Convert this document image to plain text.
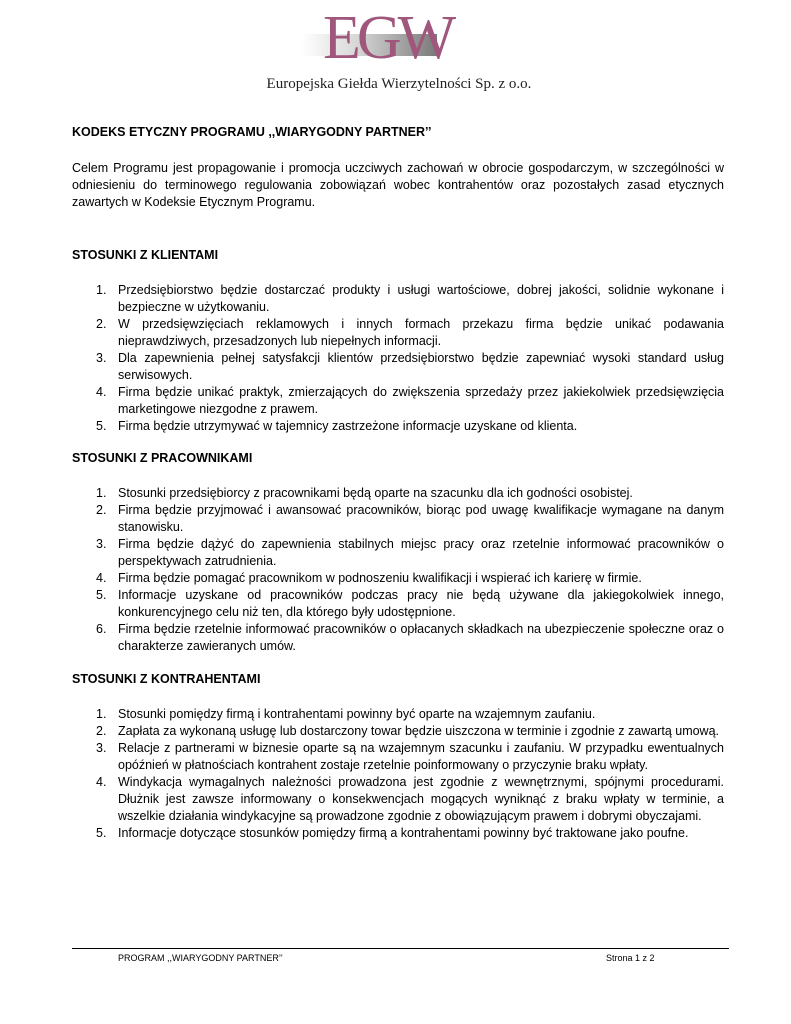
EGW
Europejska Giełda Wierzytelności Sp. z o.o.
KODEKS ETYCZNY PROGRAMU ,,WIARYGODNY PARTNER’’

Celem Programu jest propagowanie i promocja uczciwych zachowań w obrocie gospodarczym, w szczególności w odniesieniu do terminowego regulowania zobowiązań wobec kontrahentów oraz pozostałych zasad etycznych zawartych w Kodeksie Etycznym Programu.

STOSUNKI Z KLIENTAMI
1. Przedsiębiorstwo będzie dostarczać produkty i usługi wartościowe, dobrej jakości, solidnie wykonane i bezpieczne w użytkowaniu.
2. W przedsięwzięciach reklamowych i innych formach przekazu firma będzie unikać podawania nieprawdziwych, przesadzonych lub niepełnych informacji.
3. Dla zapewnienia pełnej satysfakcji klientów przedsiębiorstwo będzie zapewniać wysoki standard usług serwisowych.
4. Firma będzie unikać praktyk, zmierzających do zwiększenia sprzedaży przez jakiekolwiek przedsięwzięcia marketingowe niezgodne z prawem.
5. Firma będzie utrzymywać w tajemnicy zastrzeżone informacje uzyskane od klienta.
STOSUNKI Z PRACOWNIKAMI
1. Stosunki przedsiębiorcy z pracownikami będą oparte na szacunku dla ich godności osobistej.
2. Firma będzie przyjmować i awansować pracowników, biorąc pod uwagę kwalifikacje wymagane na danym stanowisku.
3. Firma będzie dążyć do zapewnienia stabilnych miejsc pracy oraz rzetelnie informować pracowników o perspektywach zatrudnienia.
4. Firma będzie pomagać pracownikom w podnoszeniu kwalifikacji i wspierać ich karierę w firmie.
5. Informacje uzyskane od pracowników podczas pracy nie będą używane dla jakiegokolwiek innego, konkurencyjnego celu niż ten, dla którego były udostępnione.
6. Firma będzie rzetelnie informować pracowników o opłacanych składkach na ubezpieczenie społeczne oraz o charakterze zawieranych umów.
STOSUNKI Z KONTRAHENTAMI
1. Stosunki pomiędzy firmą i kontrahentami powinny być oparte na wzajemnym zaufaniu.
2. Zapłata za wykonaną usługę lub dostarczony towar będzie uiszczona w terminie i zgodnie z zawartą umową.
3. Relacje z partnerami w biznesie oparte są na wzajemnym szacunku i zaufaniu. W przypadku ewentualnych opóźnień w płatnościach kontrahent zostaje rzetelnie poinformowany o przyczynie braku wpłaty.
4. Windykacja wymagalnych należności prowadzona jest zgodnie z wewnętrznymi, spójnymi procedurami. Dłużnik jest zawsze informowany o konsekwencjach mogących wyniknąć z braku wpłaty w terminie, a wszelkie działania windykacyjne są prowadzone zgodnie z obowiązującym prawem i dobrymi obyczajami.
5. Informacje dotyczące stosunków pomiędzy firmą a kontrahentami powinny być traktowane jako poufne.
PROGRAM ,,WIARYGODNY PARTNER’’	Strona 1 z 2
